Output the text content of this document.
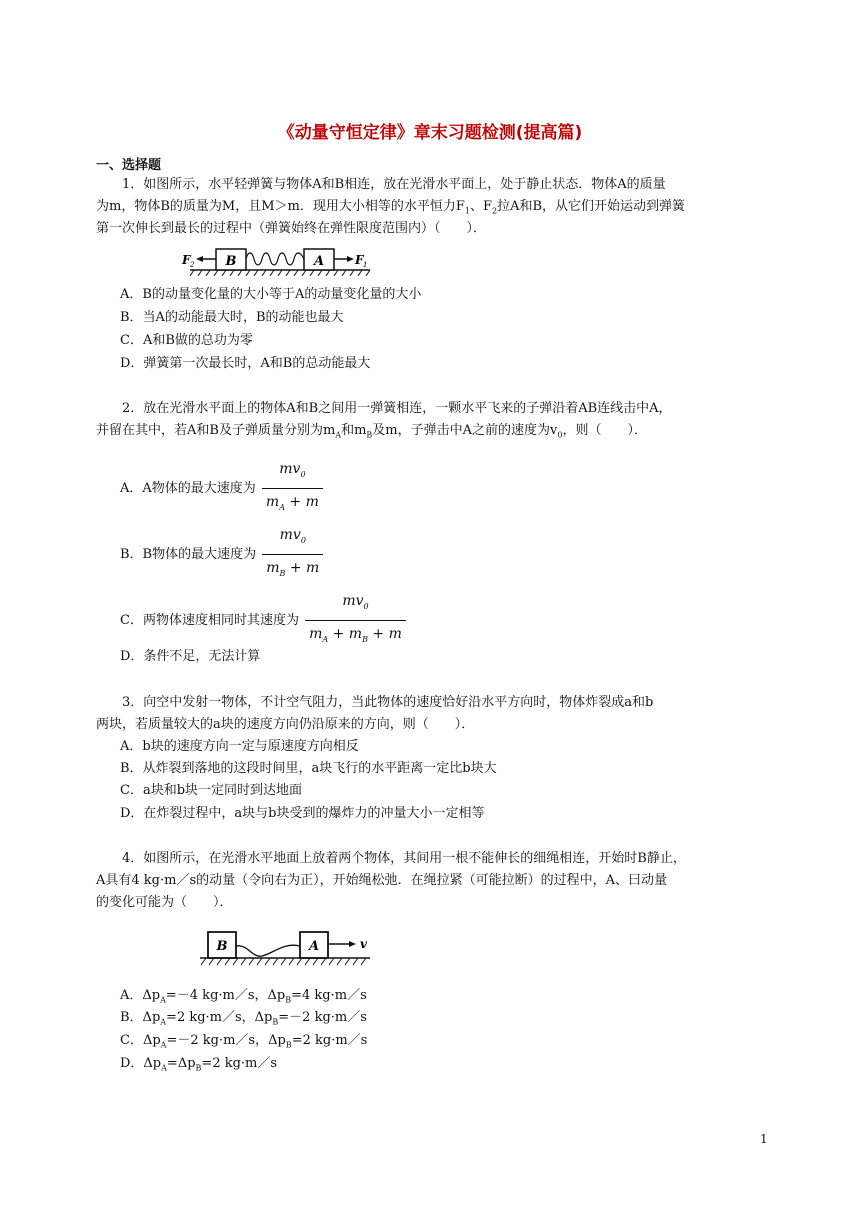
《动量守恒定律》章末习题检测(提高篇)
一、选择题
1．如图所示，水平轻弹簧与物体A和B相连，放在光滑水平面上，处于静止状态．物体A的质量
为m，物体B的质量为M，且M＞m．现用大小相等的水平恒力$F_1$、$F_2$拉A和B，从它们开始运动到弹簧
第一次伸长到最长的过程中（弹簧始终在弹性限度范围内）（　　）．
B	A
F 2	F 1
A．B的动量变化量的大小等于A的动量变化量的大小
B．当A的动能最大时，B的动能也最大
C．A和B做的总功为零
D．弹簧第一次最长时，A和B的总动能最大
2．放在光滑水平面上的物体A和B之间用一弹簧相连，一颗水平飞来的子弹沿着AB连线击中A，
并留在其中，若A和B及子弹质量分别为$m_A$和$m_B$及m，子弹击中A之前的速度为$v_0$，则（　　）．
A．A物体的最大速度为 $\frac{mv_0}{m_A + m}$
B．B物体的最大速度为 $\frac{mv_0}{m_B + m}$
C．两物体速度相同时其速度为 $\frac{mv_0}{m_A + m_B + m}$
D．条件不足，无法计算
3．向空中发射一物体，不计空气阻力，当此物体的速度恰好沿水平方向时，物体炸裂成a和b
两块，若质量较大的a块的速度方向仍沿原来的方向，则（　　）．
A．b块的速度方向一定与原速度方向相反
B．从炸裂到落地的这段时间里，a块飞行的水平距离一定比b块大
C．a块和b块一定同时到达地面
D．在炸裂过程中，a块与b块受到的爆炸力的冲量大小一定相等
4．如图所示，在光滑水平地面上放着两个物体，其间用一根不能伸长的细绳相连，开始时B静止，
A具有4 kg·m／s的动量（令向右为正），开始绳松弛．在绳拉紧（可能拉断）的过程中，A、曰动量
的变化可能为（　　）．
B	A	v
A．$\Delta p_A=-4$ kg·m／s，$\Delta p_B=4$ kg·m／s
B．$\Delta p_A=2$ kg·m／s，$\Delta p_B=-2$ kg·m／s
C．$\Delta p_A=-2$ kg·m／s，$\Delta p_B=2$ kg·m／s
D．$\Delta p_A=\Delta p_B=2$ kg·m／s
1
